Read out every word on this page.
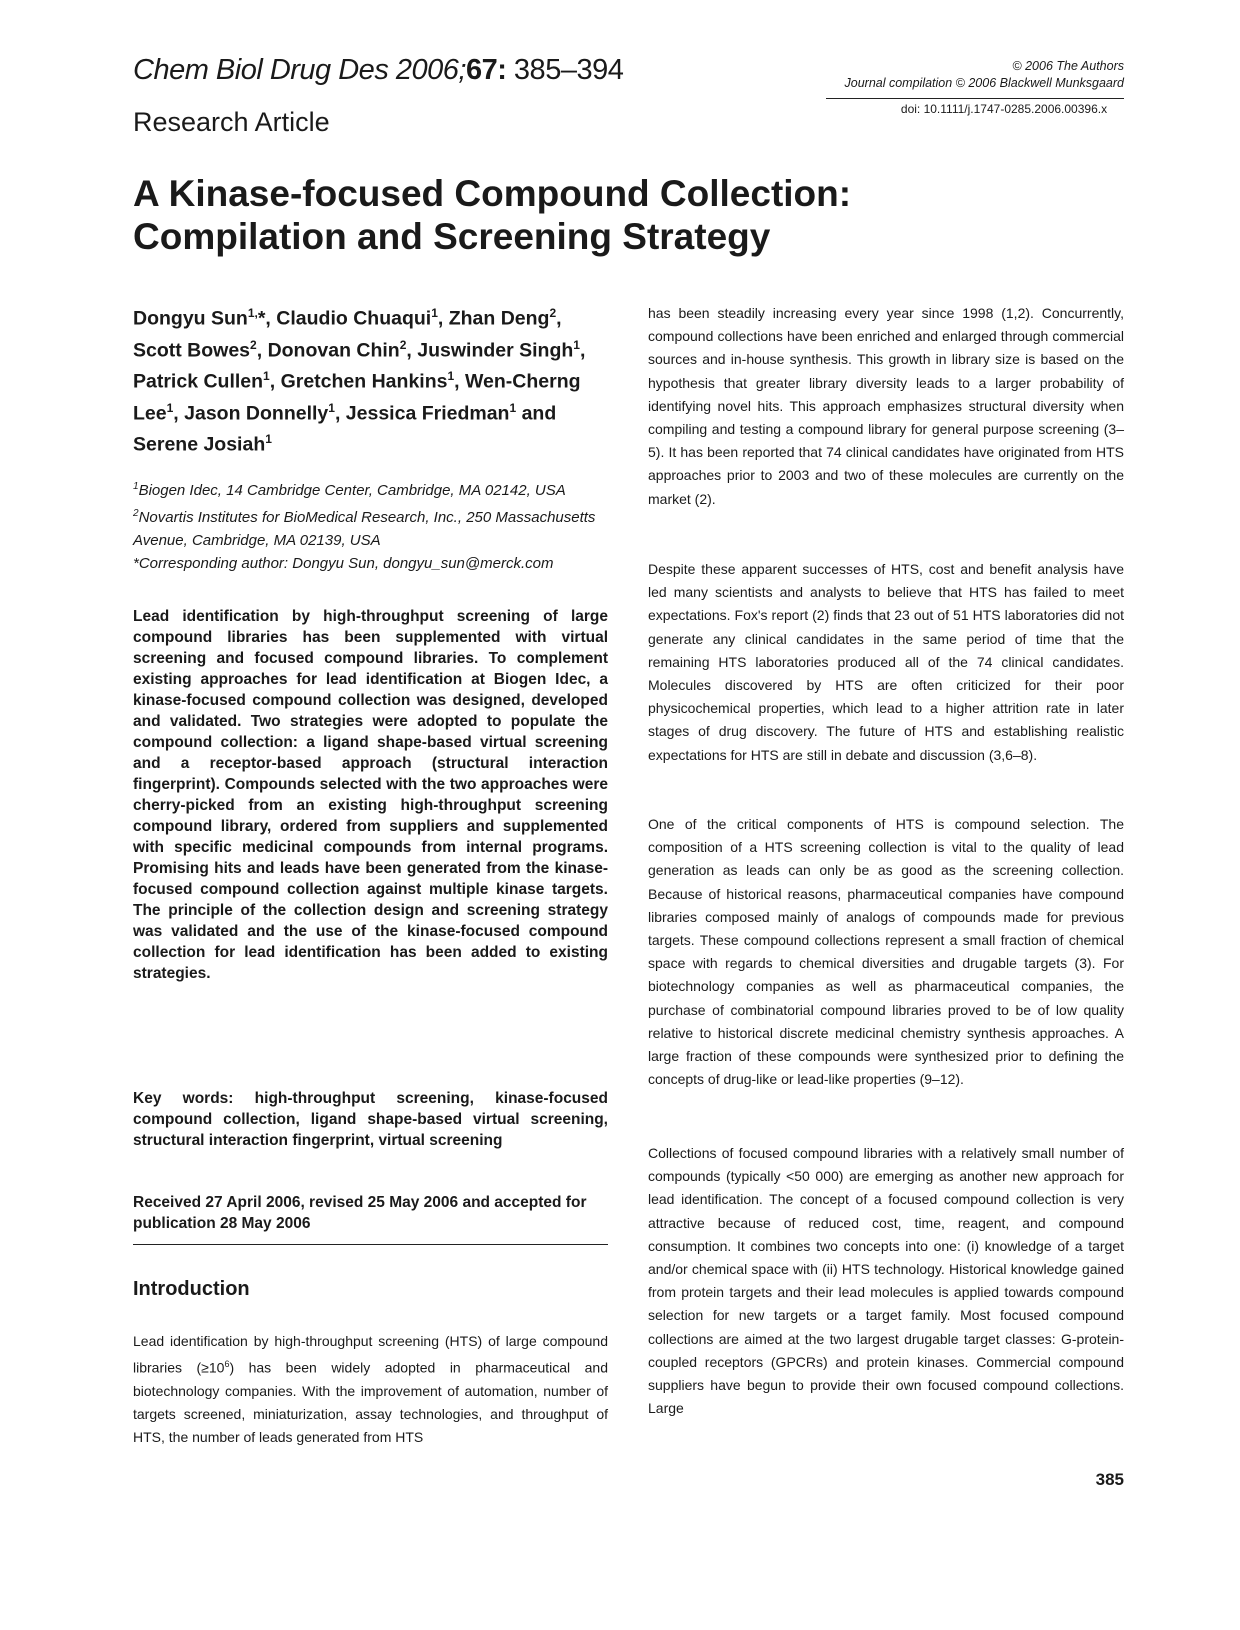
Chem Biol Drug Des 2006;67: 385–394
Research Article
© 2006 The Authors
Journal compilation © 2006 Blackwell Munksgaard
doi: 10.1111/j.1747-0285.2006.00396.x
A Kinase-focused Compound Collection: Compilation and Screening Strategy

Dongyu Sun$^{1,}$*, Claudio Chuaqui$^1$, Zhan Deng$^2$, Scott Bowes$^2$, Donovan Chin$^2$, Juswinder Singh$^1$, Patrick Cullen$^1$, Gretchen Hankins$^1$, Wen-Cherng Lee$^1$, Jason Donnelly$^1$, Jessica Friedman$^1$ and Serene Josiah$^1$

$^1$Biogen Idec, 14 Cambridge Center, Cambridge, MA 02142, USA
$^2$Novartis Institutes for BioMedical Research, Inc., 250 Massachusetts Avenue, Cambridge, MA 02139, USA
*Corresponding author: Dongyu Sun, dongyu_sun@merck.com

Lead identification by high-throughput screening of large compound libraries has been supplemented with virtual screening and focused compound libraries. To complement existing approaches for lead identification at Biogen Idec, a kinase-focused compound collection was designed, developed and validated. Two strategies were adopted to populate the compound collection: a ligand shape-based virtual screening and a receptor-based approach (structural interaction fingerprint). Compounds selected with the two approaches were cherry-picked from an existing high-throughput screening compound library, ordered from suppliers and supplemented with specific medicinal compounds from internal programs. Promising hits and leads have been generated from the kinase-focused compound collection against multiple kinase targets. The principle of the collection design and screening strategy was validated and the use of the kinase-focused compound collection for lead identification has been added to existing strategies.

Key words: high-throughput screening, kinase-focused compound collection, ligand shape-based virtual screening, structural interaction fingerprint, virtual screening

Received 27 April 2006, revised 25 May 2006 and accepted for publication 28 May 2006

Introduction

Lead identification by high-throughput screening (HTS) of large compound libraries $(\ge 10^6)$ has been widely adopted in pharmaceutical and biotechnology companies. With the improvement of automation, number of targets screened, miniaturization, assay technologies, and throughput of HTS, the number of leads generated from HTS

has been steadily increasing every year since 1998 (1,2). Concurrently, compound collections have been enriched and enlarged through commercial sources and in-house synthesis. This growth in library size is based on the hypothesis that greater library diversity leads to a larger probability of identifying novel hits. This approach emphasizes structural diversity when compiling and testing a compound library for general purpose screening (3–5). It has been reported that 74 clinical candidates have originated from HTS approaches prior to 2003 and two of these molecules are currently on the market (2).

Despite these apparent successes of HTS, cost and benefit analysis have led many scientists and analysts to believe that HTS has failed to meet expectations. Fox's report (2) finds that 23 out of 51 HTS laboratories did not generate any clinical candidates in the same period of time that the remaining HTS laboratories produced all of the 74 clinical candidates. Molecules discovered by HTS are often criticized for their poor physicochemical properties, which lead to a higher attrition rate in later stages of drug discovery. The future of HTS and establishing realistic expectations for HTS are still in debate and discussion (3,6–8).

One of the critical components of HTS is compound selection. The composition of a HTS screening collection is vital to the quality of lead generation as leads can only be as good as the screening collection. Because of historical reasons, pharmaceutical companies have compound libraries composed mainly of analogs of compounds made for previous targets. These compound collections represent a small fraction of chemical space with regards to chemical diversities and drugable targets (3). For biotechnology companies as well as pharmaceutical companies, the purchase of combinatorial compound libraries proved to be of low quality relative to historical discrete medicinal chemistry synthesis approaches. A large fraction of these compounds were synthesized prior to defining the concepts of drug-like or lead-like properties (9–12).

Collections of focused compound libraries with a relatively small number of compounds (typically <50 000) are emerging as another new approach for lead identification. The concept of a focused compound collection is very attractive because of reduced cost, time, reagent, and compound consumption. It combines two concepts into one: (i) knowledge of a target and/or chemical space with (ii) HTS technology. Historical knowledge gained from protein targets and their lead molecules is applied towards compound selection for new targets or a target family. Most focused compound collections are aimed at the two largest drugable target classes: G-protein-coupled receptors (GPCRs) and protein kinases. Commercial compound suppliers have begun to provide their own focused compound collections. Large

385
